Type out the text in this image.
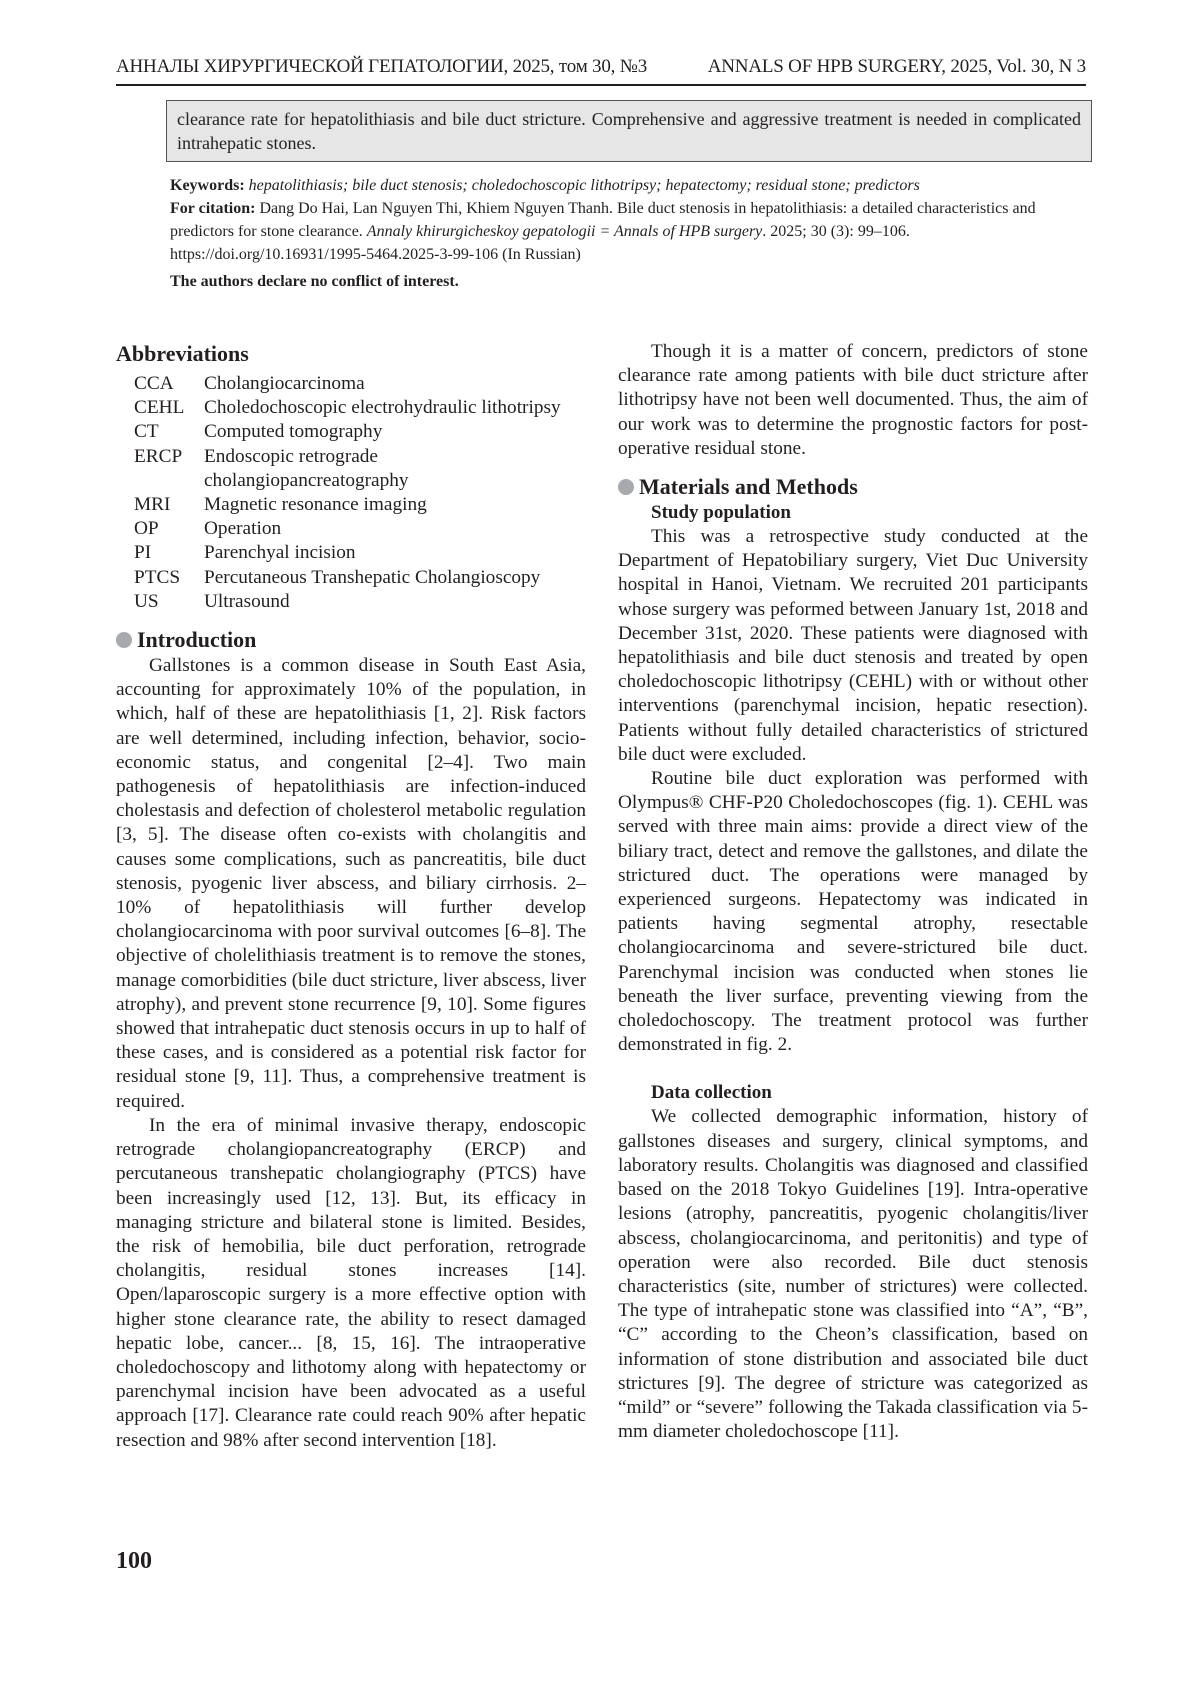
АННАЛЫ ХИРУРГИЧЕСКОЙ ГЕПАТОЛОГИИ, 2025, том 30, №3	ANNALS OF HPB SURGERY, 2025, Vol. 30, N 3
clearance rate for hepatolithiasis and bile duct stricture. Comprehensive and aggressive treatment is needed in complicated intrahepatic stones.
Keywords: hepatolithiasis; bile duct stenosis; choledochoscopic lithotripsy; hepatectomy; residual stone; predictors
For citation: Dang Do Hai, Lan Nguyen Thi, Khiem Nguyen Thanh. Bile duct stenosis in hepatolithiasis: a detailed characteristics and predictors for stone clearance. Annaly khirurgicheskoy gepatologii = Annals of HPB surgery. 2025; 30 (3): 99–106.
https://doi.org/10.16931/1995-5464.2025-3-99-106 (In Russian)
The authors declare no conflict of interest.
Abbreviations
CCA	Cholangiocarcinoma
CEHL	Choledochoscopic electrohydraulic lithotripsy
CT	Computed tomography
ERCP	Endoscopic retrograde cholangiopancreatography
MRI	Magnetic resonance imaging
OP	Operation
PI	Parenchyal incision
PTCS	Percutaneous Transhepatic Cholangioscopy
US	Ultrasound
Introduction

Gallstones is a common disease in South East Asia, accounting for approximately 10% of the population, in which, half of these are hepatolithiasis [1, 2]. Risk factors are well determined, including infection, behavior, socio-economic status, and congenital [2–4]. Two main pathogenesis of hepatolithiasis are infection-induced cholestasis and defection of cholesterol metabolic regulation [3, 5]. The disease often co-exists with cholangitis and causes some complications, such as pancreatitis, bile duct stenosis, pyogenic liver abscess, and biliary cirrhosis. 2–10% of hepatolithiasis will further develop cholangiocarcinoma with poor survival outcomes [6–8]. The objective of cholelithiasis treatment is to remove the stones, manage comorbidities (bile duct stricture, liver abscess, liver atrophy), and prevent stone recurrence [9, 10]. Some figures showed that intrahepatic duct stenosis occurs in up to half of these cases, and is considered as a potential risk factor for residual stone [9, 11]. Thus, a comprehensive treatment is required.

In the era of minimal invasive therapy, endoscopic retrograde cholangiopancreatography (ERCP) and percutaneous transhepatic cholangiography (PTCS) have been increasingly used [12, 13]. But, its efficacy in managing stricture and bilateral stone is limited. Besides, the risk of hemobilia, bile duct perforation, retrograde cholangitis, residual stones increases [14]. Open/laparoscopic surgery is a more effective option with higher stone clearance rate, the ability to resect damaged hepatic lobe, cancer... [8, 15, 16]. The intraoperative choledochoscopy and lithotomy along with hepatectomy or parenchymal incision have been advocated as a useful approach [17]. Clearance rate could reach 90% after hepatic resection and 98% after second intervention [18].

Though it is a matter of concern, predictors of stone clearance rate among patients with bile duct stricture after lithotripsy have not been well documented. Thus, the aim of our work was to determine the prognostic factors for post-operative residual stone.

Materials and Methods
Study population

This was a retrospective study conducted at the Department of Hepatobiliary surgery, Viet Duc University hospital in Hanoi, Vietnam. We recruited 201 participants whose surgery was peformed between January 1st, 2018 and December 31st, 2020. These patients were diagnosed with hepatolithiasis and bile duct stenosis and treated by open choledochoscopic lithotripsy (CEHL) with or without other interventions (parenchymal incision, hepatic resection). Patients without fully detailed characteristics of strictured bile duct were excluded.

Routine bile duct exploration was performed with Olympus® CHF-P20 Choledochoscopes (fig. 1). CEHL was served with three main aims: provide a direct view of the biliary tract, detect and remove the gallstones, and dilate the strictured duct. The operations were managed by experienced surgeons. Hepatectomy was indicated in patients having segmental atrophy, resectable cholangiocarcinoma and severe-strictured bile duct. Parenchymal incision was conducted when stones lie beneath the liver surface, preventing viewing from the choledochoscopy. The treatment protocol was further demonstrated in fig. 2.

Data collection

We collected demographic information, history of gallstones diseases and surgery, clinical symptoms, and laboratory results. Cholangitis was diagnosed and classified based on the 2018 Tokyo Guidelines [19]. Intra-operative lesions (atrophy, pancreatitis, pyogenic cholangitis/liver abscess, cholangiocarcinoma, and peritonitis) and type of operation were also recorded. Bile duct stenosis characteristics (site, number of strictures) were collected. The type of intrahepatic stone was classified into “A”, “B”, “C” according to the Cheon’s classification, based on information of stone distribution and associated bile duct strictures [9]. The degree of stricture was categorized as “mild” or “severe” following the Takada classification via 5-mm diameter choledochoscope [11].

100
